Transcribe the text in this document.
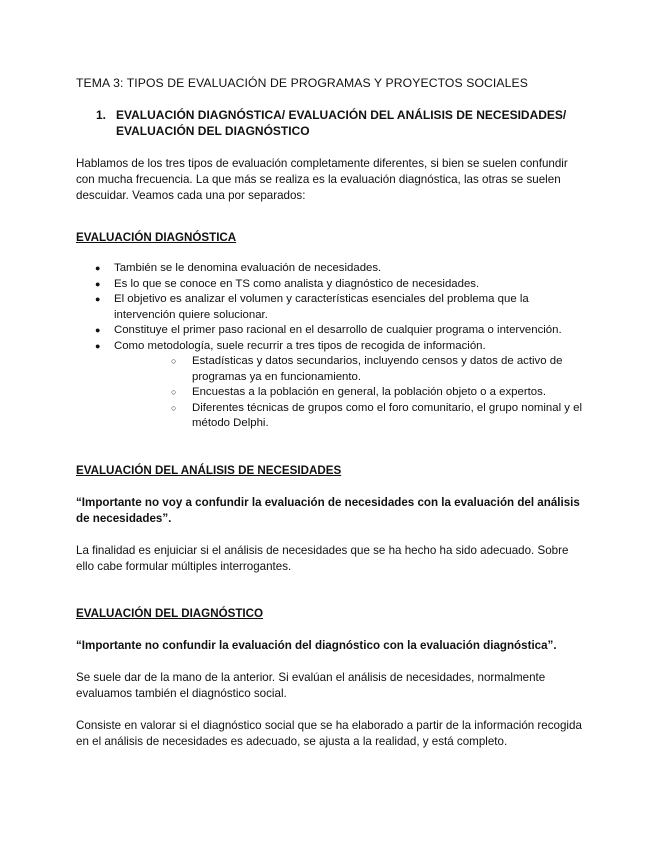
TEMA 3: TIPOS DE EVALUACIÓN DE PROGRAMAS Y PROYECTOS SOCIALES
1. EVALUACIÓN DIAGNÓSTICA/ EVALUACIÓN DEL ANÁLISIS DE NECESIDADES/ EVALUACIÓN DEL DIAGNÓSTICO

Hablamos de los tres tipos de evaluación completamente diferentes, si bien se suelen confundir con mucha frecuencia. La que más se realiza es la evaluación diagnóstica, las otras se suelen descuidar. Veamos cada una por separados:

EVALUACIÓN DIAGNÓSTICA
● También se le denomina evaluación de necesidades.
● Es lo que se conoce en TS como analista y diagnóstico de necesidades.
● El objetivo es analizar el volumen y características esenciales del problema que la intervención quiere solucionar.
● Constituye el primer paso racional en el desarrollo de cualquier programa o intervención.
● Como metodología, suele recurrir a tres tipos de recogida de información.
○ Estadísticas y datos secundarios, incluyendo censos y datos de activo de programas ya en funcionamiento.
○ Encuestas a la población en general, la población objeto o a expertos.
○ Diferentes técnicas de grupos como el foro comunitario, el grupo nominal y el método Delphi.
EVALUACIÓN DEL ANÁLISIS DE NECESIDADES

“Importante no voy a confundir la evaluación de necesidades con la evaluación del análisis de necesidades”.

La finalidad es enjuiciar si el análisis de necesidades que se ha hecho ha sido adecuado. Sobre ello cabe formular múltiples interrogantes.

EVALUACIÓN DEL DIAGNÓSTICO

“Importante no confundir la evaluación del diagnóstico con la evaluación diagnóstica”.

Se suele dar de la mano de la anterior. Si evalúan el análisis de necesidades, normalmente evaluamos también el diagnóstico social.

Consiste en valorar si el diagnóstico social que se ha elaborado a partir de la información recogida en el análisis de necesidades es adecuado, se ajusta a la realidad, y está completo.
